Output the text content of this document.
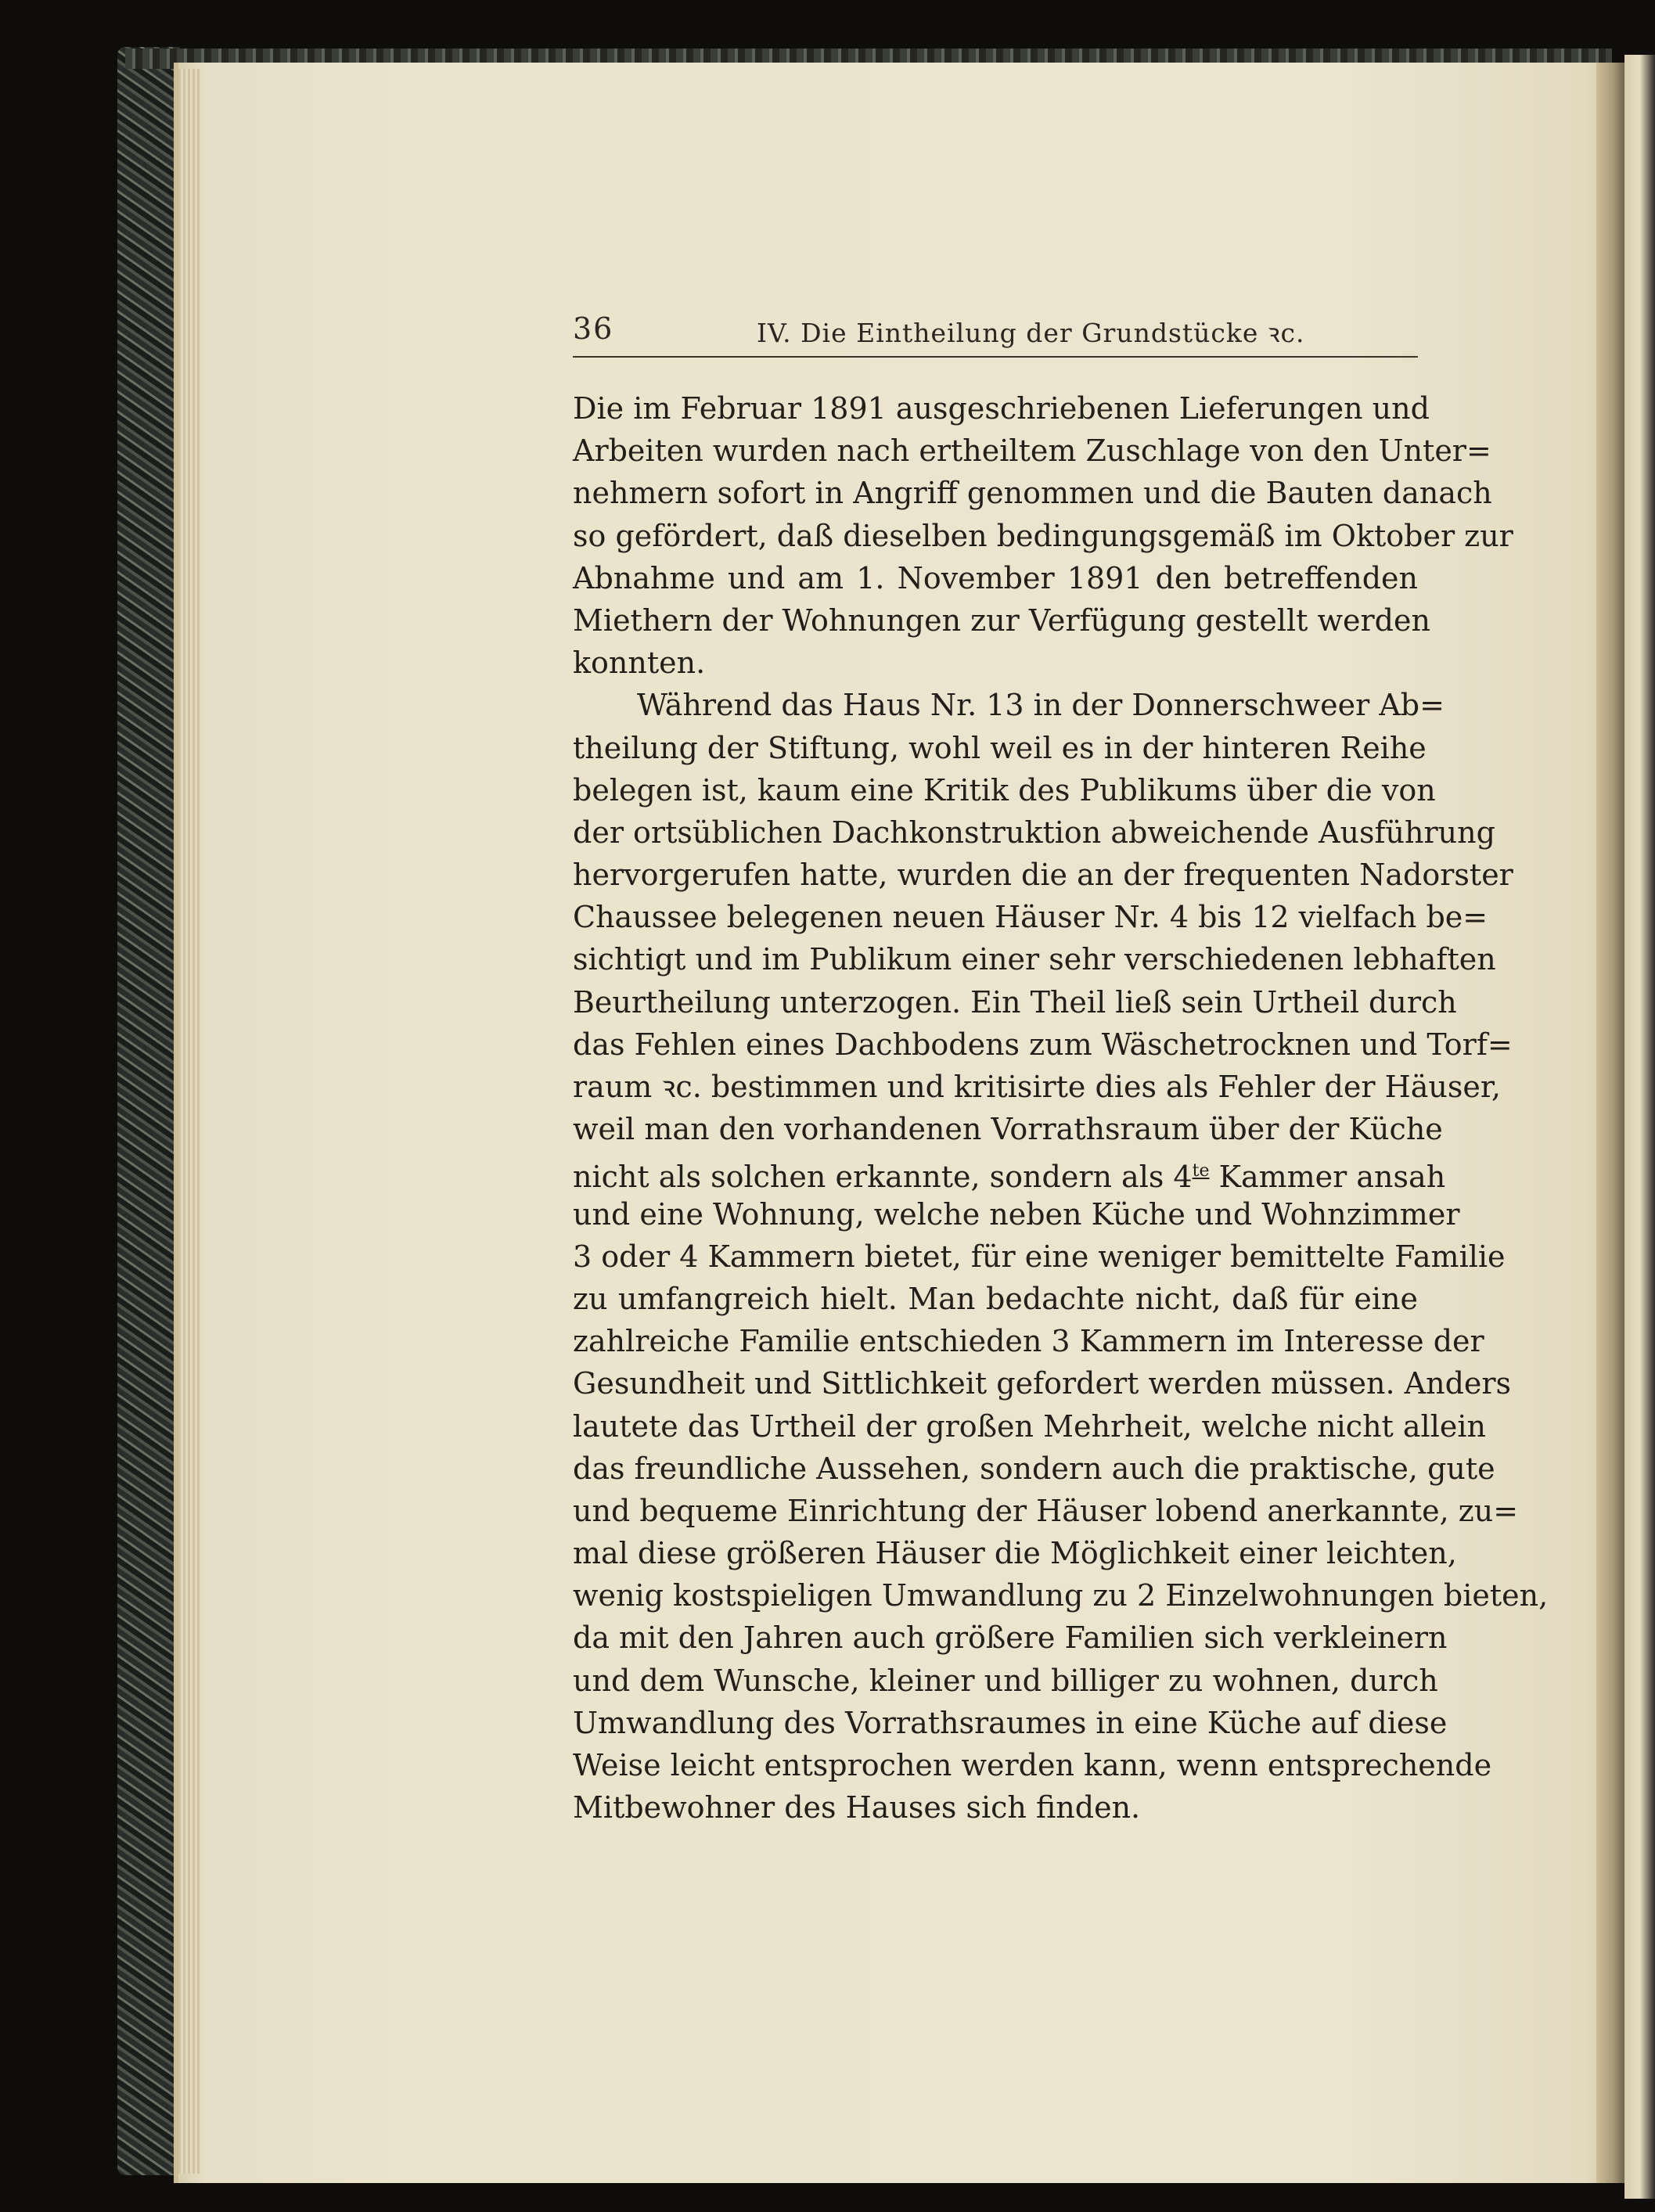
36	IV. Die Eintheilung der Grundstücke ꝛc.
Die im Februar 1891 ausgeschriebenen Lieferungen und
Arbeiten wurden nach ertheiltem Zuschlage von den Unter=
nehmern sofort in Angriff genommen und die Bauten danach
so gefördert, daß dieselben bedingungsgemäß im Oktober zur
Abnahme und am 1. November 1891 den betreffenden
Miethern der Wohnungen zur Verfügung gestellt werden
konnten.
Während das Haus Nr. 13 in der Donnerschweer Ab=
theilung der Stiftung, wohl weil es in der hinteren Reihe
belegen ist, kaum eine Kritik des Publikums über die von
der ortsüblichen Dachkonstruktion abweichende Ausführung
hervorgerufen hatte, wurden die an der frequenten Nadorster
Chaussee belegenen neuen Häuser Nr. 4 bis 12 vielfach be=
sichtigt und im Publikum einer sehr verschiedenen lebhaften
Beurtheilung unterzogen. Ein Theil ließ sein Urtheil durch
das Fehlen eines Dachbodens zum Wäschetrocknen und Torf=
raum ꝛc. bestimmen und kritisirte dies als Fehler der Häuser,
weil man den vorhandenen Vorrathsraum über der Küche
nicht als solchen erkannte, sondern als $4^{te}$ Kammer ansah
und eine Wohnung, welche neben Küche und Wohnzimmer
3 oder 4 Kammern bietet, für eine weniger bemittelte Familie
zu umfangreich hielt. Man bedachte nicht, daß für eine
zahlreiche Familie entschieden 3 Kammern im Interesse der
Gesundheit und Sittlichkeit gefordert werden müssen. Anders
lautete das Urtheil der großen Mehrheit, welche nicht allein
das freundliche Aussehen, sondern auch die praktische, gute
und bequeme Einrichtung der Häuser lobend anerkannte, zu=
mal diese größeren Häuser die Möglichkeit einer leichten,
wenig kostspieligen Umwandlung zu 2 Einzelwohnungen bieten,
da mit den Jahren auch größere Familien sich verkleinern
und dem Wunsche, kleiner und billiger zu wohnen, durch
Umwandlung des Vorrathsraumes in eine Küche auf diese
Weise leicht entsprochen werden kann, wenn entsprechende
Mitbewohner des Hauses sich finden.
